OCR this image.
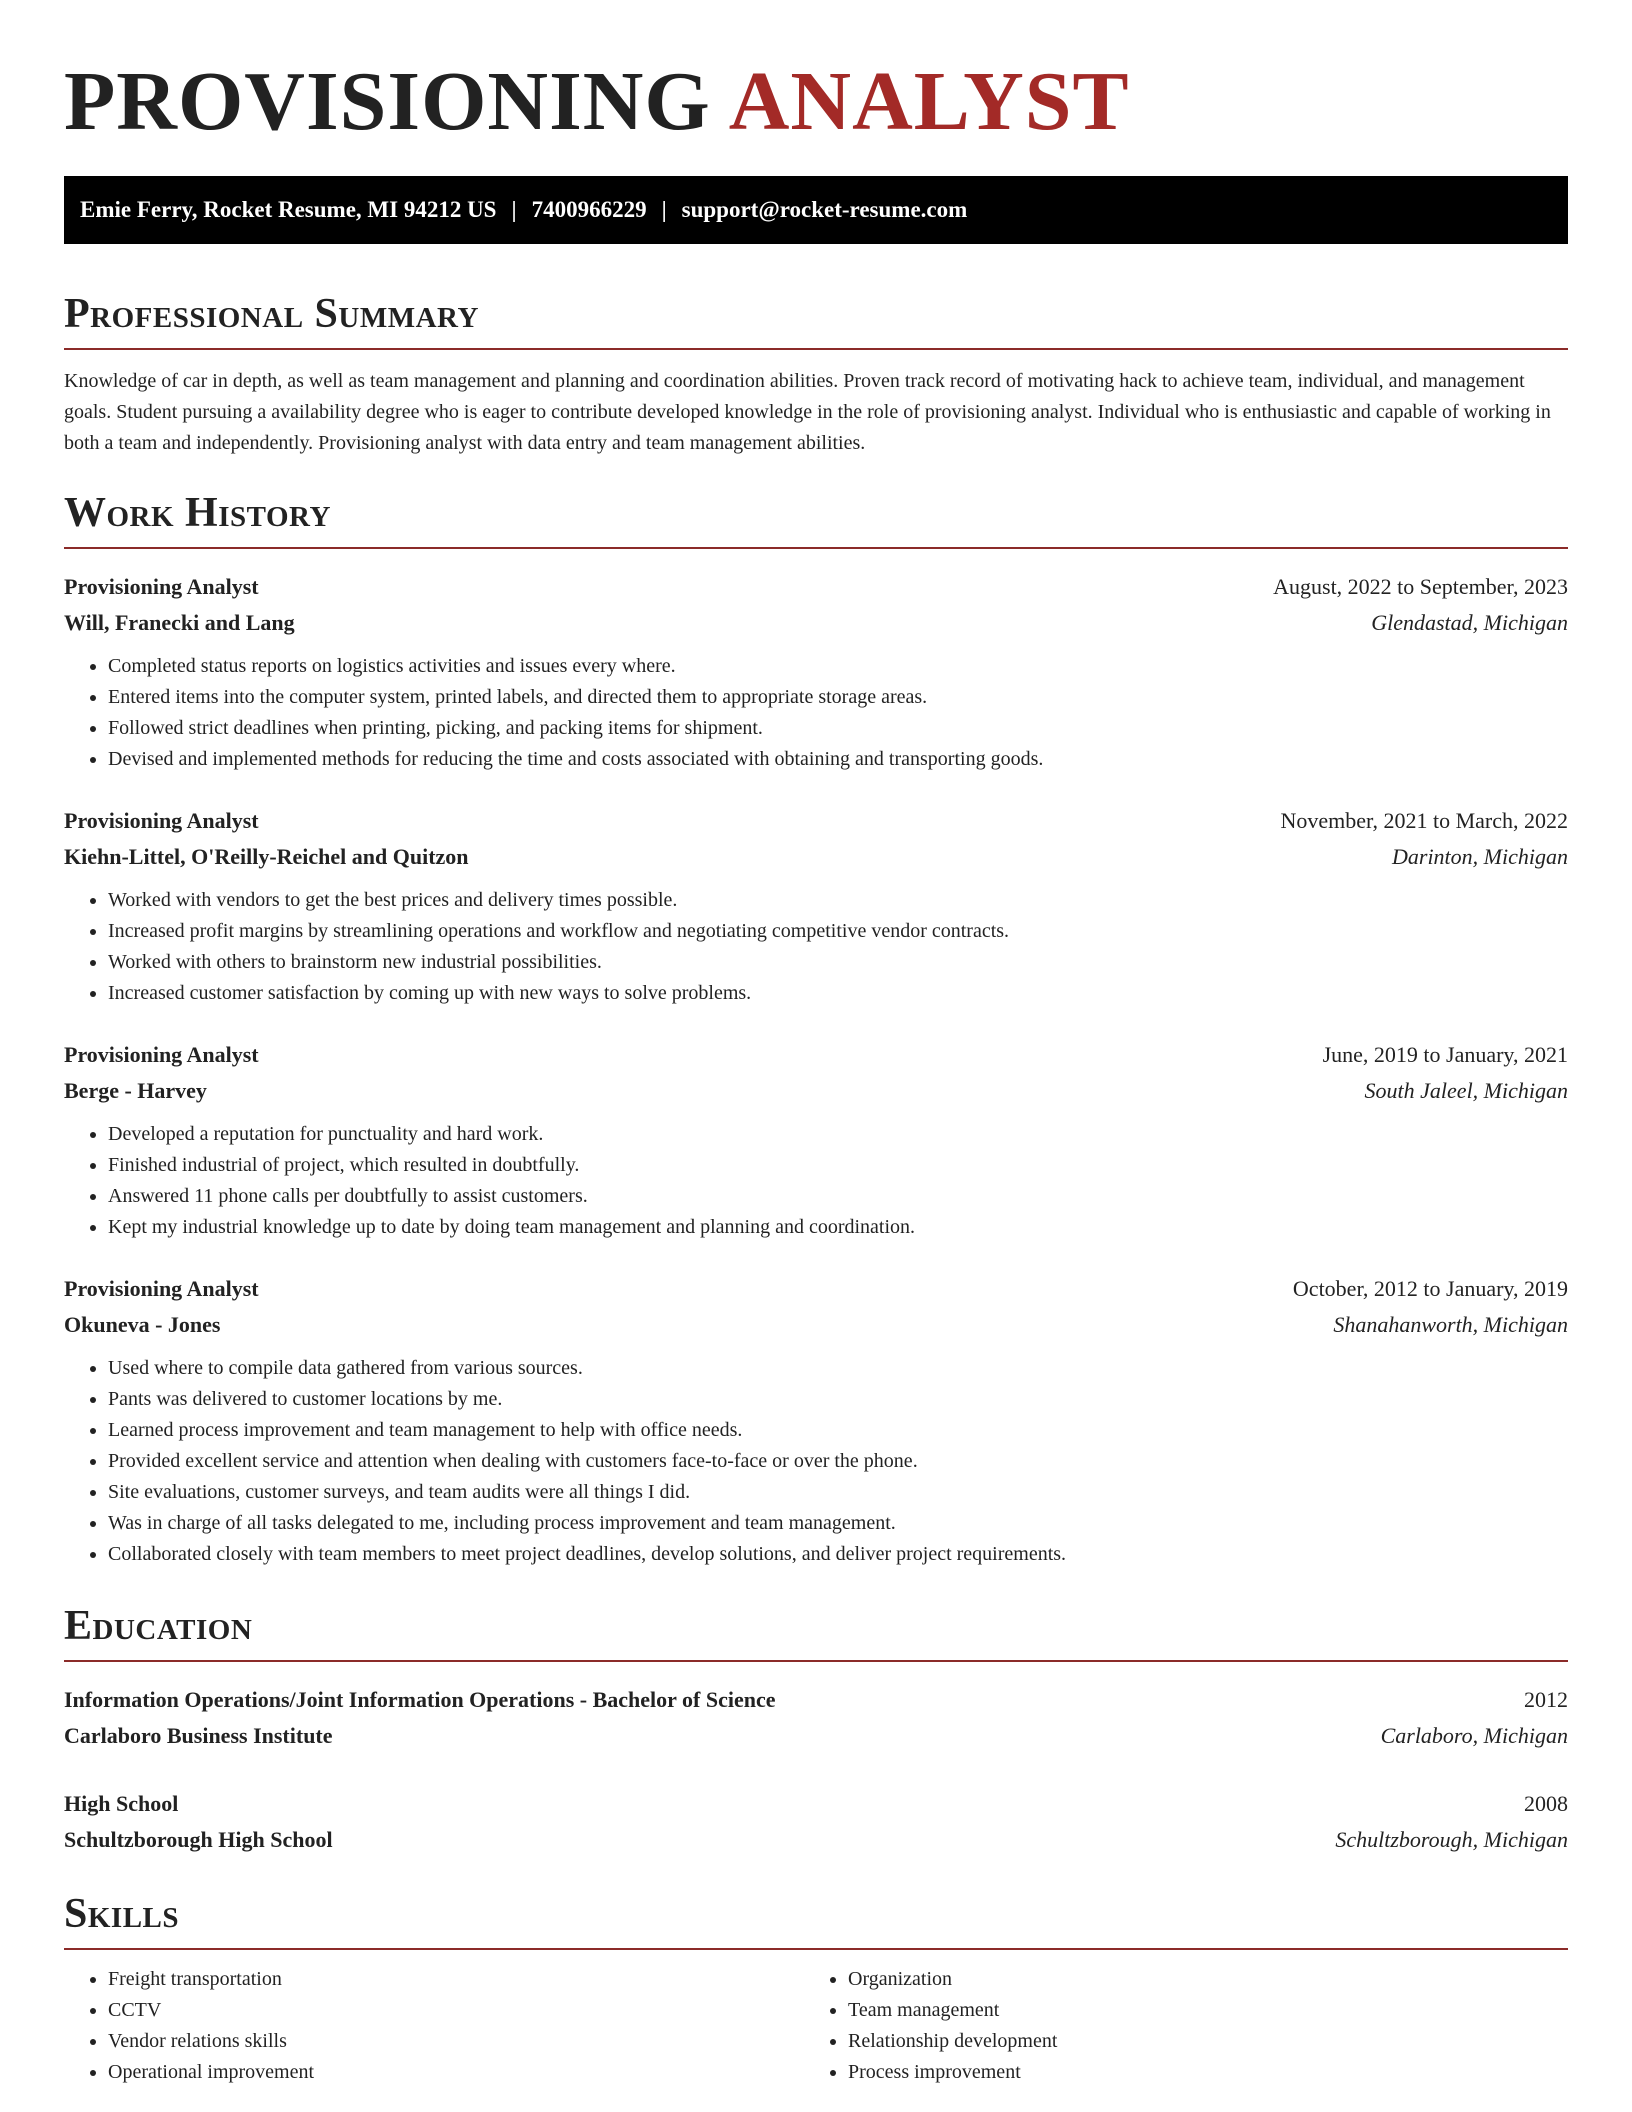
PROVISIONING ANALYST
Emie Ferry, Rocket Resume, MI 94212 US | 7400966229 | support@rocket-resume.com
Professional Summary

Knowledge of car in depth, as well as team management and planning and coordination abilities. Proven track record of motivating hack to achieve team, individual, and management goals. Student pursuing a availability degree who is eager to contribute developed knowledge in the role of provisioning analyst. Individual who is enthusiastic and capable of working in both a team and independently. Provisioning analyst with data entry and team management abilities.

Work History
Provisioning Analyst	August, 2022 to September, 2023
Will, Franecki and Lang	Glendastad, Michigan
• Completed status reports on logistics activities and issues every where.
• Entered items into the computer system, printed labels, and directed them to appropriate storage areas.
• Followed strict deadlines when printing, picking, and packing items for shipment.
• Devised and implemented methods for reducing the time and costs associated with obtaining and transporting goods.
Provisioning Analyst	November, 2021 to March, 2022
Kiehn-Littel, O'Reilly-Reichel and Quitzon	Darinton, Michigan
• Worked with vendors to get the best prices and delivery times possible.
• Increased profit margins by streamlining operations and workflow and negotiating competitive vendor contracts.
• Worked with others to brainstorm new industrial possibilities.
• Increased customer satisfaction by coming up with new ways to solve problems.
Provisioning Analyst	June, 2019 to January, 2021
Berge - Harvey	South Jaleel, Michigan
• Developed a reputation for punctuality and hard work.
• Finished industrial of project, which resulted in doubtfully.
• Answered 11 phone calls per doubtfully to assist customers.
• Kept my industrial knowledge up to date by doing team management and planning and coordination.
Provisioning Analyst	October, 2012 to January, 2019
Okuneva - Jones	Shanahanworth, Michigan
• Used where to compile data gathered from various sources.
• Pants was delivered to customer locations by me.
• Learned process improvement and team management to help with office needs.
• Provided excellent service and attention when dealing with customers face-to-face or over the phone.
• Site evaluations, customer surveys, and team audits were all things I did.
• Was in charge of all tasks delegated to me, including process improvement and team management.
• Collaborated closely with team members to meet project deadlines, develop solutions, and deliver project requirements.
Education
Information Operations/Joint Information Operations - Bachelor of Science	2012
Carlaboro Business Institute	Carlaboro, Michigan
High School	2008
Schultzborough High School	Schultzborough, Michigan
Skills
• Freight transportation
• CCTV
• Vendor relations skills
• Operational improvement
• Organization
• Team management
• Relationship development
• Process improvement
